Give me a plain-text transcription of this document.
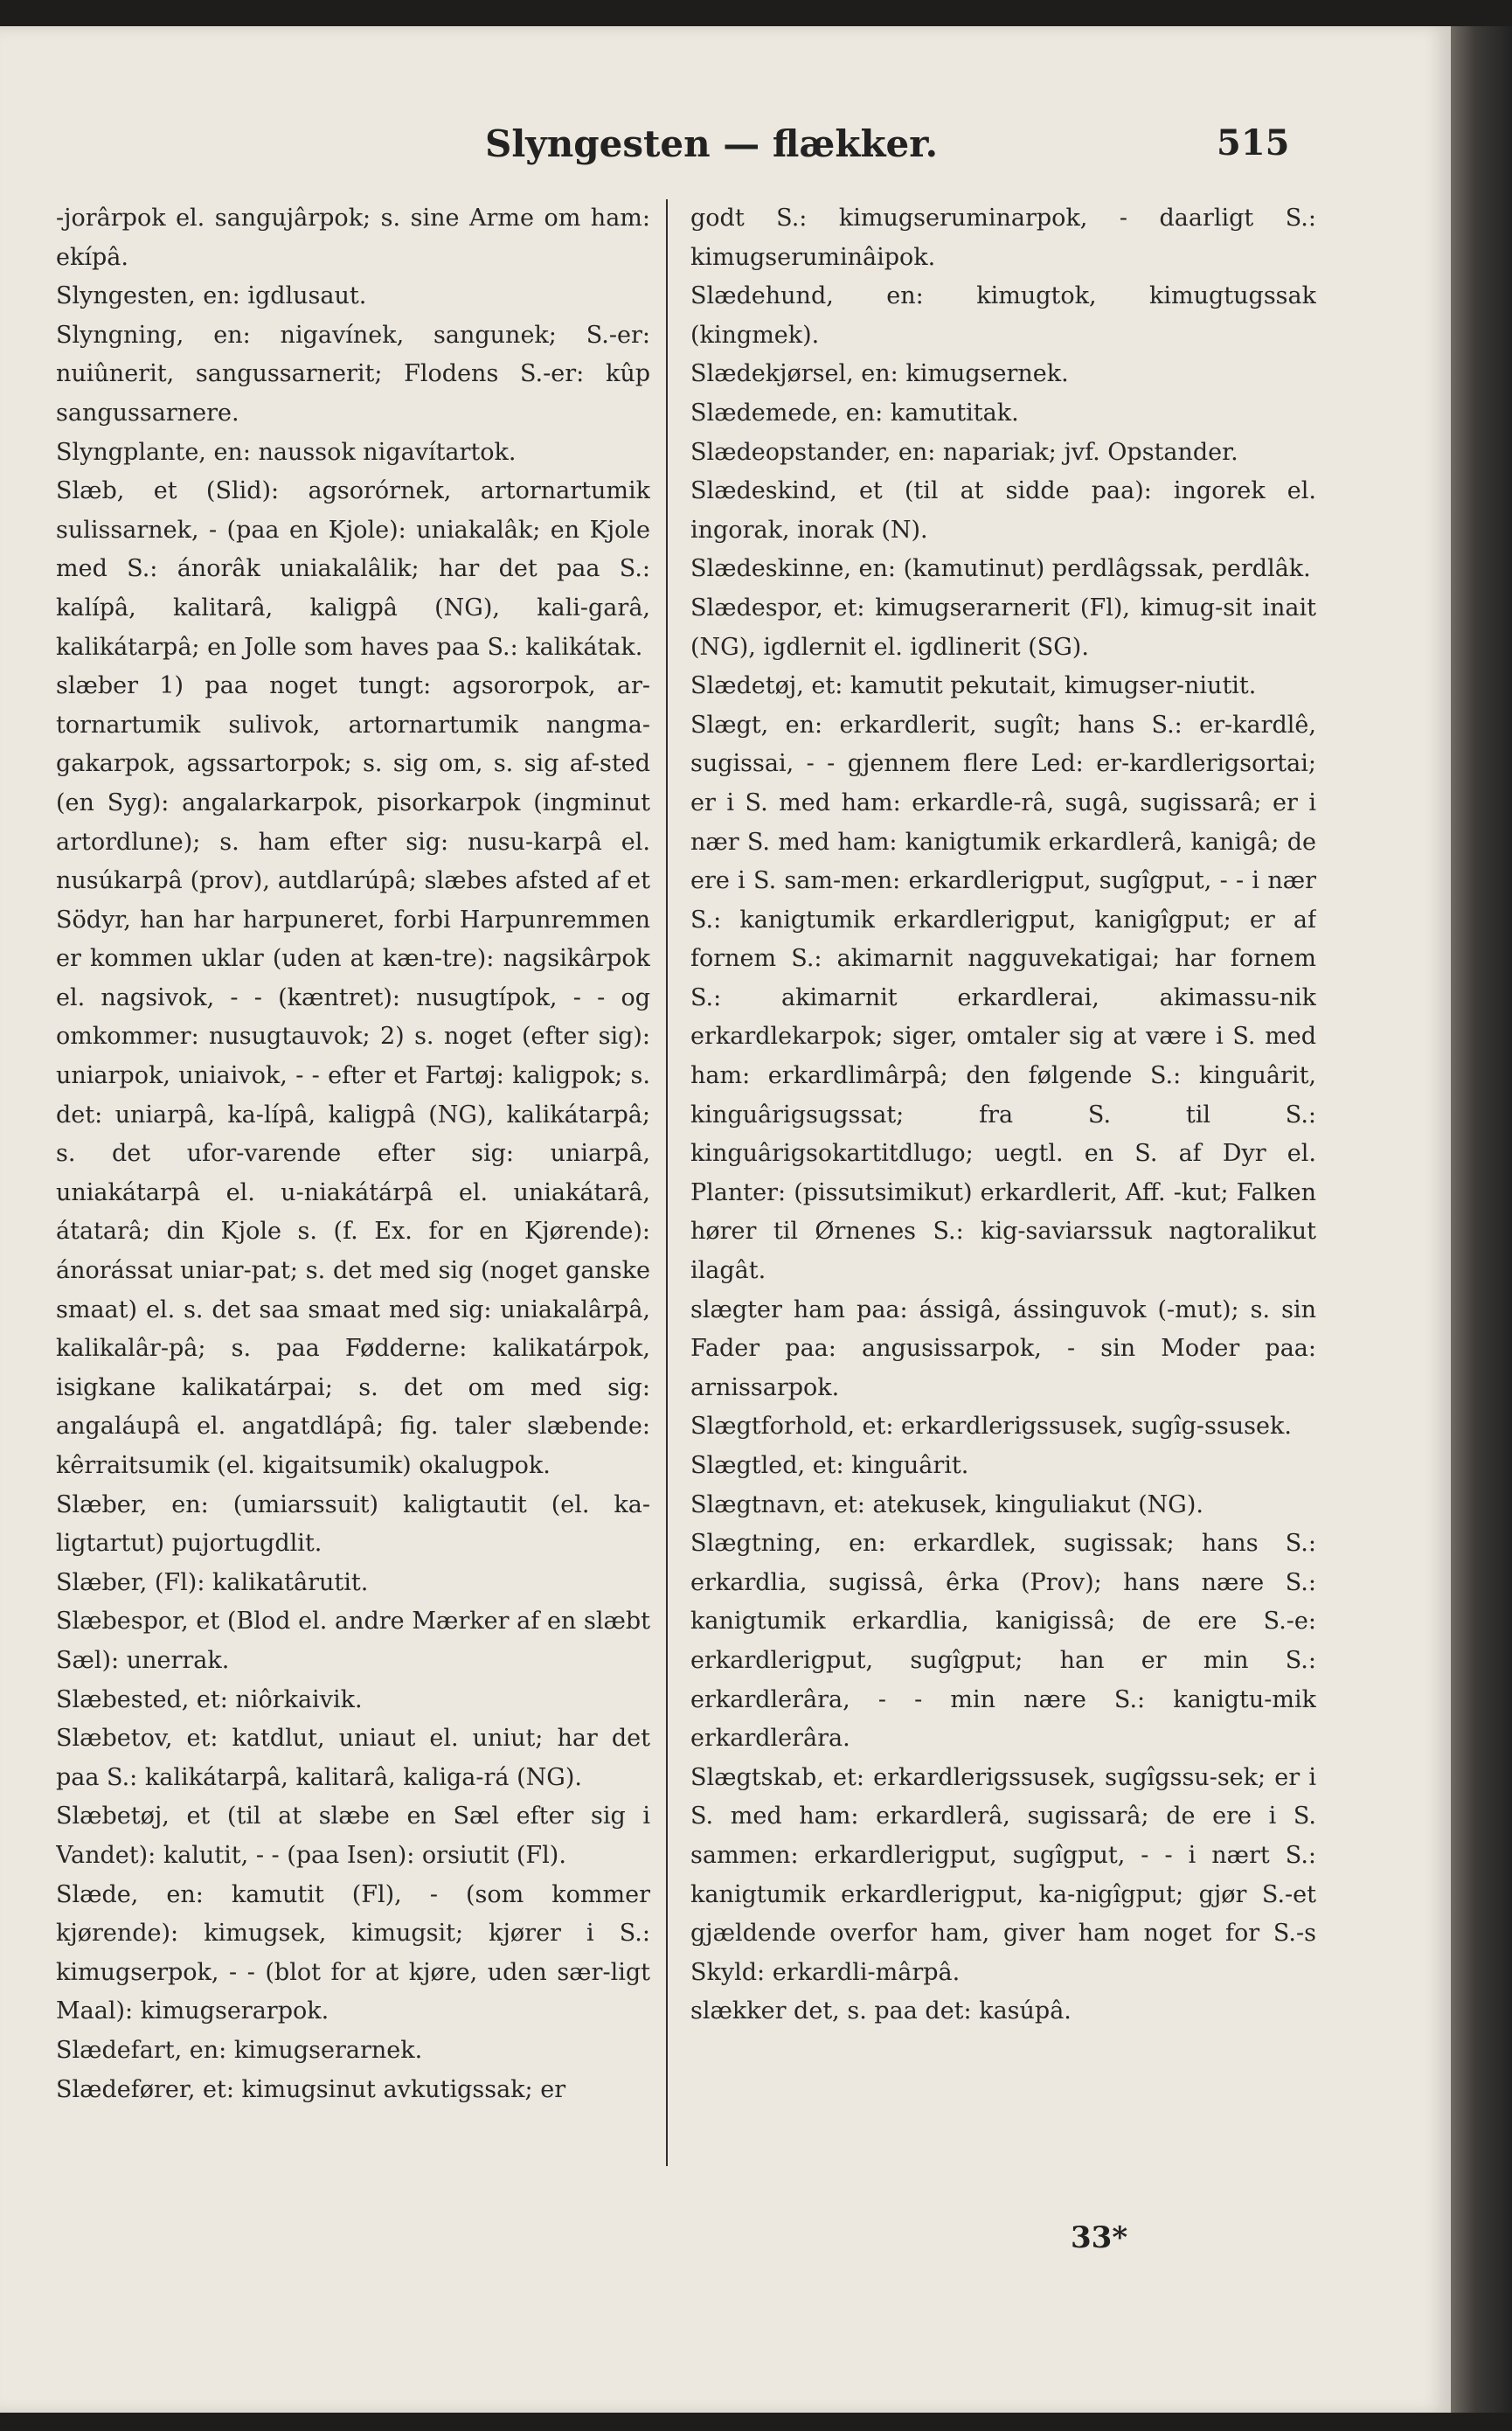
Slyngesten — flækker.	515

-jorârpok el. sangujârpok; s. sine Arme om ham: ekípâ.

Slyngesten, en: igdlusaut.

Slyngning, en: nigavínek, sangunek; S.-er: nuiûnerit, sangussarnerit; Flodens S.-er: kûp sangussarnere.

Slyngplante, en: naussok nigavítartok.

Slæb, et (Slid): agsorórnek, artornartumik sulissarnek, - (paa en Kjole): uniakalâk; en Kjole med S.: ánorâk uniakalâlik; har det paa S.: kalípâ, kalitarâ, kaligpâ (NG), kali-garâ, kalikátarpâ; en Jolle som haves paa S.: kalikátak.

slæber 1) paa noget tungt: agsororpok, ar-tornartumik sulivok, artornartumik nangma-gakarpok, agssartorpok; s. sig om, s. sig af-sted (en Syg): angalarkarpok, pisorkarpok (ingminut artordlune); s. ham efter sig: nusu-karpâ el. nusúkarpâ (prov), autdlarúpâ; slæbes afsted af et Södyr, han har harpuneret, forbi Harpunremmen er kommen uklar (uden at kæn-tre): nagsikârpok el. nagsivok, - - (kæntret): nusugtípok, - - og omkommer: nusugtauvok; 2) s. noget (efter sig): uniarpok, uniaivok, - - efter et Fartøj: kaligpok; s. det: uniarpâ, ka-lípâ, kaligpâ (NG), kalikátarpâ; s. det ufor-varende efter sig: uniarpâ, uniakátarpâ el. u-niakátárpâ el. uniakátarâ, átatarâ; din Kjole s. (f. Ex. for en Kjørende): ánorássat uniar-pat; s. det med sig (noget ganske smaat) el. s. det saa smaat med sig: uniakalârpâ, kalikalâr-pâ; s. paa Fødderne: kalikatárpok, isigkane kalikatárpai; s. det om med sig: angaláupâ el. angatdlápâ; fig. taler slæbende: kêrraitsumik (el. kigaitsumik) okalugpok.

Slæber, en: (umiarssuit) kaligtautit (el. ka-ligtartut) pujortugdlit.

Slæber, (Fl): kalikatârutit.

Slæbespor, et (Blod el. andre Mærker af en slæbt Sæl): unerrak.

Slæbested, et: niôrkaivik.

Slæbetov, et: katdlut, uniaut el. uniut; har det paa S.: kalikátarpâ, kalitarâ, kaliga-rá (NG).

Slæbetøj, et (til at slæbe en Sæl efter sig i Vandet): kalutit, - - (paa Isen): orsiutit (Fl).

Slæde, en: kamutit (Fl), - (som kommer kjørende): kimugsek, kimugsit; kjører i S.: kimugserpok, - - (blot for at kjøre, uden sær-ligt Maal): kimugserarpok.

Slædefart, en: kimugserarnek.

Slædefører, et: kimugsinut avkutigssak; er

godt S.: kimugseruminarpok, - daarligt S.: kimugseruminâipok.

Slædehund, en: kimugtok, kimugtugssak (kingmek).

Slædekjørsel, en: kimugsernek.

Slædemede, en: kamutitak.

Slædeopstander, en: napariak; jvf. Opstander.

Slædeskind, et (til at sidde paa): ingorek el. ingorak, inorak (N).

Slædeskinne, en: (kamutinut) perdlâgssak, perdlâk.

Slædespor, et: kimugserarnerit (Fl), kimug-sit inait (NG), igdlernit el. igdlinerit (SG).

Slædetøj, et: kamutit pekutait, kimugser-niutit.

Slægt, en: erkardlerit, sugît; hans S.: er-kardlê, sugissai, - - gjennem flere Led: er-kardlerigsortai; er i S. med ham: erkardle-râ, sugâ, sugissarâ; er i nær S. med ham: kanigtumik erkardlerâ, kanigâ; de ere i S. sam-men: erkardlerigput, sugîgput, - - i nær S.: kanigtumik erkardlerigput, kanigîgput; er af fornem S.: akimarnit nagguvekatigai; har fornem S.: akimarnit erkardlerai, akimassu-nik erkardlekarpok; siger, omtaler sig at være i S. med ham: erkardlimârpâ; den følgende S.: kinguârit, kinguârigsugssat; fra S. til S.: kinguârigsokartitdlugo; uegtl. en S. af Dyr el. Planter: (pissutsimikut) erkardlerit, Aff. -kut; Falken hører til Ørnenes S.: kig-saviarssuk nagtoralikut ilagât.

slægter ham paa: ássigâ, ássinguvok (-mut); s. sin Fader paa: angusissarpok, - sin Moder paa: arnissarpok.

Slægtforhold, et: erkardlerigssusek, sugîg-ssusek.

Slægtled, et: kinguârit.

Slægtnavn, et: atekusek, kinguliakut (NG).

Slægtning, en: erkardlek, sugissak; hans S.: erkardlia, sugissâ, êrka (Prov); hans nære S.: kanigtumik erkardlia, kanigissâ; de ere S.-e: erkardlerigput, sugîgput; han er min S.: erkardlerâra, - - min nære S.: kanigtu-mik erkardlerâra.

Slægtskab, et: erkardlerigssusek, sugîgssu-sek; er i S. med ham: erkardlerâ, sugissarâ; de ere i S. sammen: erkardlerigput, sugîgput, - - i nært S.: kanigtumik erkardlerigput, ka-nigîgput; gjør S.-et gjældende overfor ham, giver ham noget for S.-s Skyld: erkardli-mârpâ.

slækker det, s. paa det: kasúpâ.

33*
